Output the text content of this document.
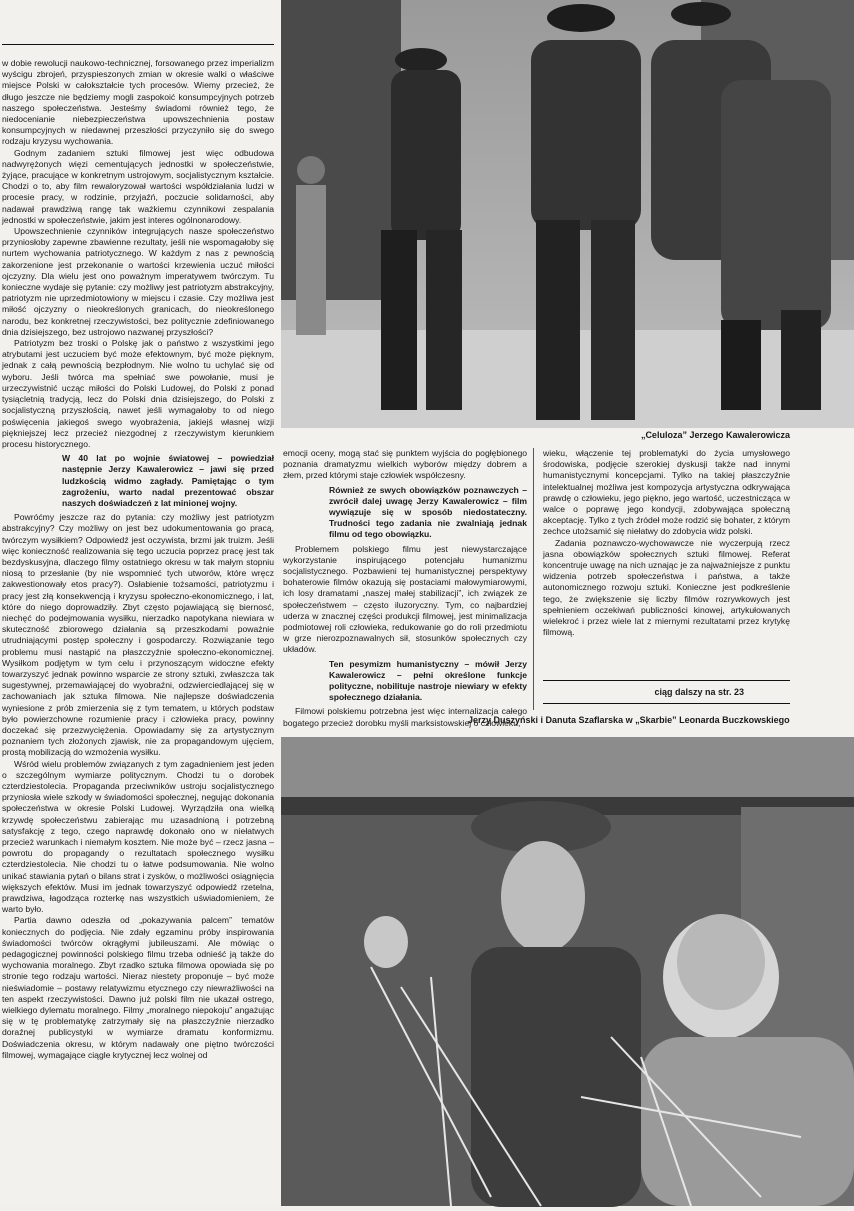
w dobie rewolucji naukowo-technicznej, forsowanego przez imperializm wyścigu zbrojeń, przyspieszonych zmian w okresie walki o właściwe miejsce Polski w całokształcie tych procesów. Wiemy przecież, że długo jeszcze nie będziemy mogli zaspokoić konsumpcyjnych potrzeb naszego społeczeństwa. Jesteśmy świadomi również tego, że niedocenianie niebezpieczeństwa upowszechnienia postaw konsumpcyjnych w niedawnej przeszłości przyczyniło się do swego rodzaju kryzysu wychowania.

Godnym zadaniem sztuki filmowej jest więc odbudowa nadwyrężonych więzi cementujących jednostki w społeczeństwie, żyjące, pracujące w konkretnym ustrojowym, socjalistycznym kształcie. Chodzi o to, aby film rewaloryzował wartości współdziałania ludzi w procesie pracy, w rodzinie, przyjaźń, poczucie solidarności, aby nadawał prawdziwą rangę tak ważkiemu czynnikowi zespalania jednostki w społeczeństwie, jakim jest interes ogólnonarodowy.

Upowszechnienie czynników integrujących nasze społeczeństwo przyniosłoby zapewne zbawienne rezultaty, jeśli nie wspomagałoby się nurtem wychowania patriotycznego. W każdym z nas z pewnością zakorzenione jest przekonanie o wartości krzewienia uczuć miłości ojczyzny. Dla wielu jest ono poważnym imperatywem twórczym. Tu konieczne wydaje się pytanie: czy możliwy jest patriotyzm abstrakcyjny, patriotyzm nie uprzedmiotowiony w miejscu i czasie. Czy możliwa jest miłość ojczyzny o nieokreślonych granicach, do nieokreślonego narodu, bez konkretnej rzeczywistości, bez politycznie zdefiniowanego dnia dzisiejszego, bez ustrojowo nazwanej przyszłości?

Patriotyzm bez troski o Polskę jak o państwo z wszystkimi jego atrybutami jest uczuciem być może efektownym, być może pięknym, jednak z całą pewnością bezpłodnym. Nie wolno tu uchylać się od wyboru. Jeśli twórca ma spełniać swe powołanie, musi je urzeczywistnić ucząc miłości do Polski Ludowej, do Polski z ponad tysiącletnią tradycją, lecz do Polski dnia dzisiejszego, do Polski z socjalistyczną przyszłością, nawet jeśli wymagałoby to od niego poświęcenia jakiegoś swego wyobrażenia, jakiejś własnej wizji piękniejszej lecz przecież niezgodnej z rzeczywistym kierunkiem procesu historycznego.

W 40 lat po wojnie światowej – powiedział następnie Jerzy Kawalerowicz – jawi się przed ludzkością widmo zagłady. Pamiętając o tym zagrożeniu, warto nadal prezentować obszar naszych doświadczeń z lat minionej wojny.

Powróćmy jeszcze raz do pytania: czy możliwy jest patriotyzm abstrakcyjny? Czy możliwy on jest bez udokumentowania go pracą, twórczym wysiłkiem? Odpowiedź jest oczywista, brzmi jak truizm. Jeśli więc konieczność realizowania się tego uczucia poprzez pracę jest tak bezdyskusyjna, dlaczego filmy ostatniego okresu w tak małym stopniu niosą to przesłanie (by nie wspomnieć tych utworów, które wręcz zakwestionowały etos pracy?). Osłabienie tożsamości, patriotyzmu i pracy jest złą konsekwencją i kryzysu społeczno-ekonomicznego, i lat, które do niego doprowadziły. Zbyt często pojawiającą się biernosć, niechęć do podejmowania wysiłku, nierzadko napotykana niewiara w skuteczność zbiorowego działania są przeszkodami poważnie utrudniającymi postęp społeczny i gospodarczy. Rozwiązanie tego problemu musi nastąpić na płaszczyźnie społeczno-ekonomicznej. Wysiłkom podjętym w tym celu i przynoszącym widoczne efekty towarzyszyć jednak powinno wsparcie ze strony sztuki, zwłaszcza tak sugestywnej, przemawiającej do wyobraźni, odzwierciedlającej się w zachowaniach jak sztuka filmowa. Nie najlepsze doświadczenia wyniesione z prób zmierzenia się z tym tematem, u których podstaw było powierzchowne rozumienie pracy i człowieka pracy, powinny doczekać się przezwyciężenia. Opowiadamy się za artystycznym poznaniem tych złożonych zjawisk, nie za propagandowym ujęciem, prostą mobilizacją do wzmożenia wysiłku.

Wśród wielu problemów związanych z tym zagadnieniem jest jeden o szczególnym wymiarze politycznym. Chodzi tu o dorobek czterdziestolecia. Propaganda przeciwników ustroju socjalistycznego przyniosła wiele szkody w świadomości społecznej, negując dokonania społeczeństwa w okresie Polski Ludowej. Wyrządziła ona wielką krzywdę społeczeństwu zabierając mu uzasadnioną i potrzebną satysfakcję z tego, czego naprawdę dokonało ono w niełatwych przecież warunkach i niemałym kosztem. Nie może być – rzecz jasna – powrotu do propagandy o rezultatach społecznego wysiłku czterdziestolecia. Nie chodzi tu o łatwe podsumowania. Nie wolno unikać stawiania pytań o bilans strat i zysków, o możliwości osiągnięcia większych efektów. Musi im jednak towarzyszyć odpowiedź rzetelna, prawdziwa, łagodząca rozterkę nas wszystkich uświadomieniem, że warto było.

Partia dawno odeszła od „pokazywania palcem” tematów koniecznych do podjęcia. Nie zdały egzaminu próby inspirowania świadomości twórców okrągłymi jubileuszami. Ale mówiąc o pedagogicznej powinności polskiego filmu trzeba odnieść ją także do wychowania moralnego. Zbyt rzadko sztuka filmowa opowiada się po stronie tego rodzaju wartości. Nieraz niestety proponuje – być może nieświadomie – postawy relatywizmu etycznego czy niewrażliwości na ten aspekt rzeczywistości. Dawno już polski film nie ukazał ostrego, wielkiego dylematu moralnego. Filmy „moralnego niepokoju” angażując się w tę problematykę zatrzymały się na płaszczyźnie nierzadko doraźnej publicystyki w wymiarze dramatu konformizmu. Doświadczenia okresu, w którym nadawały one piętno twórczości filmowej, wymagające ciągle krytycznej lecz wolnej od

„Celuloza” Jerzego Kawalerowicza

emocji oceny, mogą stać się punktem wyjścia do pogłębionego poznania dramatyzmu wielkich wyborów między dobrem a złem, przed którymi staje człowiek współczesny.

Również ze swych obowiązków poznawczych – zwrócił dalej uwagę Jerzy Kawalerowicz – film wywiązuje się w sposób niedostateczny. Trudności tego zadania nie zwalniają jednak filmu od tego obowiązku.

Problemem polskiego filmu jest niewystarczające wykorzystanie inspirującego potencjału humanizmu socjalistycznego. Pozbawieni tej humanistycznej perspektywy bohaterowie filmów okazują się postaciami małowymiarowymi, ich losy dramatami „naszej małej stabilizacji”, ich związek ze społeczeństwem – często iluzoryczny. Tym, co najbardziej uderza w znacznej części produkcji filmowej, jest minimalizacja podmiotowej roli człowieka, redukowanie go do roli przedmiotu w grze nierozpoznawalnych sił, stosunków społecznych czy układów.

Ten pesymizm humanistyczny – mówił Jerzy Kawalerowicz – pełni określone funkcje polityczne, nobilituje nastroje niewiary w efekty społecznego działania.

Filmowi polskiemu potrzebna jest więc internalizacja całego bogatego przecież dorobku myśli marksistowskiej o człowieku,

wieku, włączenie tej problematyki do życia umysłowego środowiska, podjęcie szerokiej dyskusji także nad innymi humanistycznymi koncepcjami. Tylko na takiej płaszczyźnie intelektualnej możliwa jest kompozycja artystyczna odkrywająca prawdę o człowieku, jego piękno, jego wartość, uczestnicząca w walce o poprawę jego kondycji, zdobywająca społeczną akceptację. Tylko z tych źródeł może rodzić się bohater, z którym zechce utożsamić się niełatwy do zdobycia widz polski.

Zadania poznawczo-wychowawcze nie wyczerpują rzecz jasna obowiązków społecznych sztuki filmowej. Referat koncentruje uwagę na nich uznając je za najważniejsze z punktu widzenia potrzeb społeczeństwa i państwa, a także autonomicznego rozwoju sztuki. Konieczne jest podkreślenie tego, że zwiększenie się liczby filmów rozrywkowych jest spełnieniem oczekiwań publiczności kinowej, artykułowanych wielekroć i przez wiele lat z miernymi rezultatami przez krytykę filmową.

ciąg dalszy na str. 23
Jerzy Duszyński i Danuta Szaflarska w „Skarbie” Leonarda Buczkowskiego
